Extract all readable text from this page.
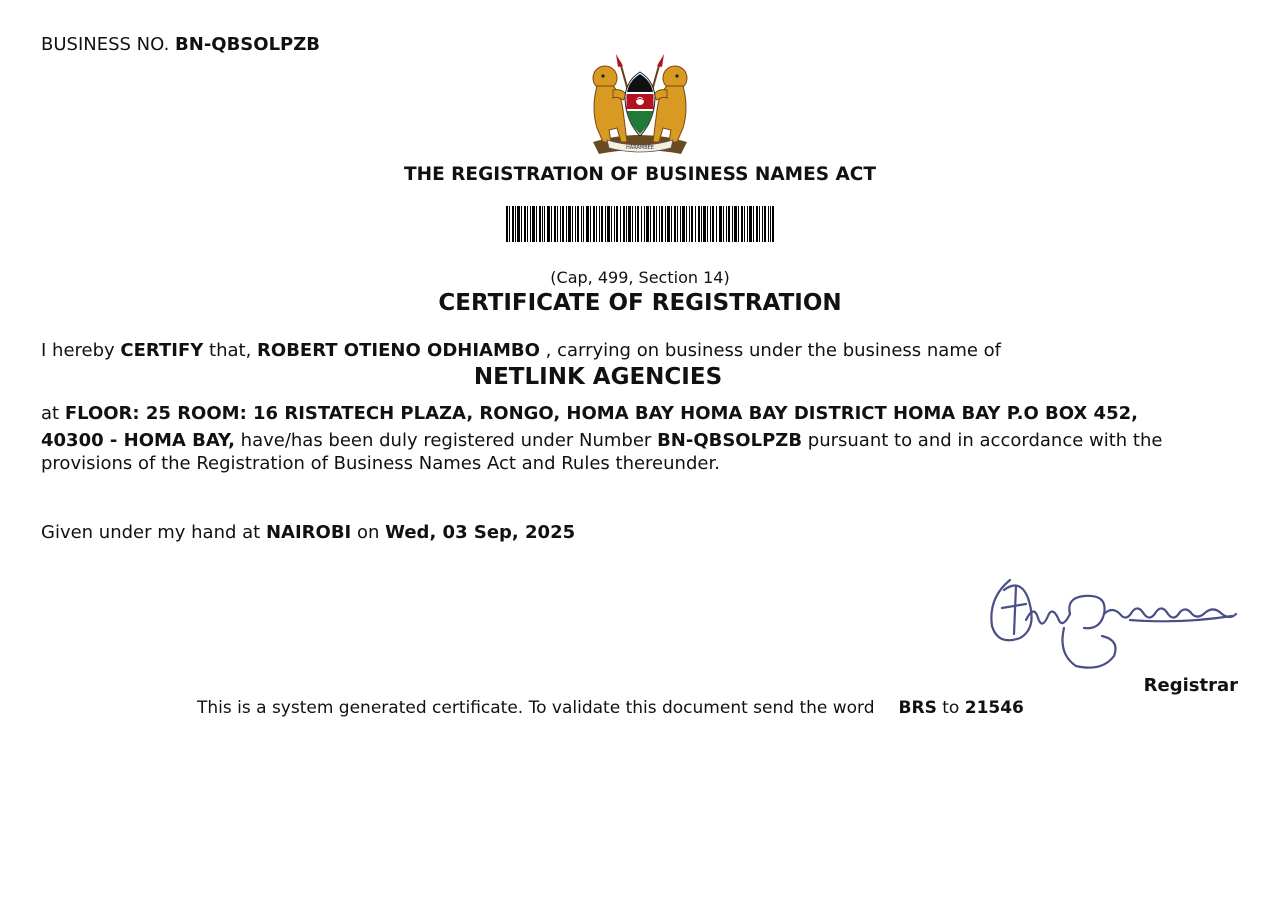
BUSINESS NO. BN-QBSOLPZB
HARAMBEE
THE REGISTRATION OF BUSINESS NAMES ACT
(Cap, 499, Section 14)
CERTIFICATE OF REGISTRATION
I hereby CERTIFY that, ROBERT OTIENO ODHIAMBO , carrying on business under the business name of
NETLINK AGENCIES
at FLOOR: 25 ROOM: 16 RISTATECH PLAZA, RONGO, HOMA BAY HOMA BAY DISTRICT HOMA BAY P.O BOX 452,
40300 - HOMA BAY, have/has been duly registered under Number BN-QBSOLPZB pursuant to and in accordance with the provisions of the Registration of Business Names Act and Rules thereunder.
Given under my hand at NAIROBI on Wed, 03 Sep, 2025
Registrar
This is a system generated certificate. To validate this document send the word BRS to 21546
